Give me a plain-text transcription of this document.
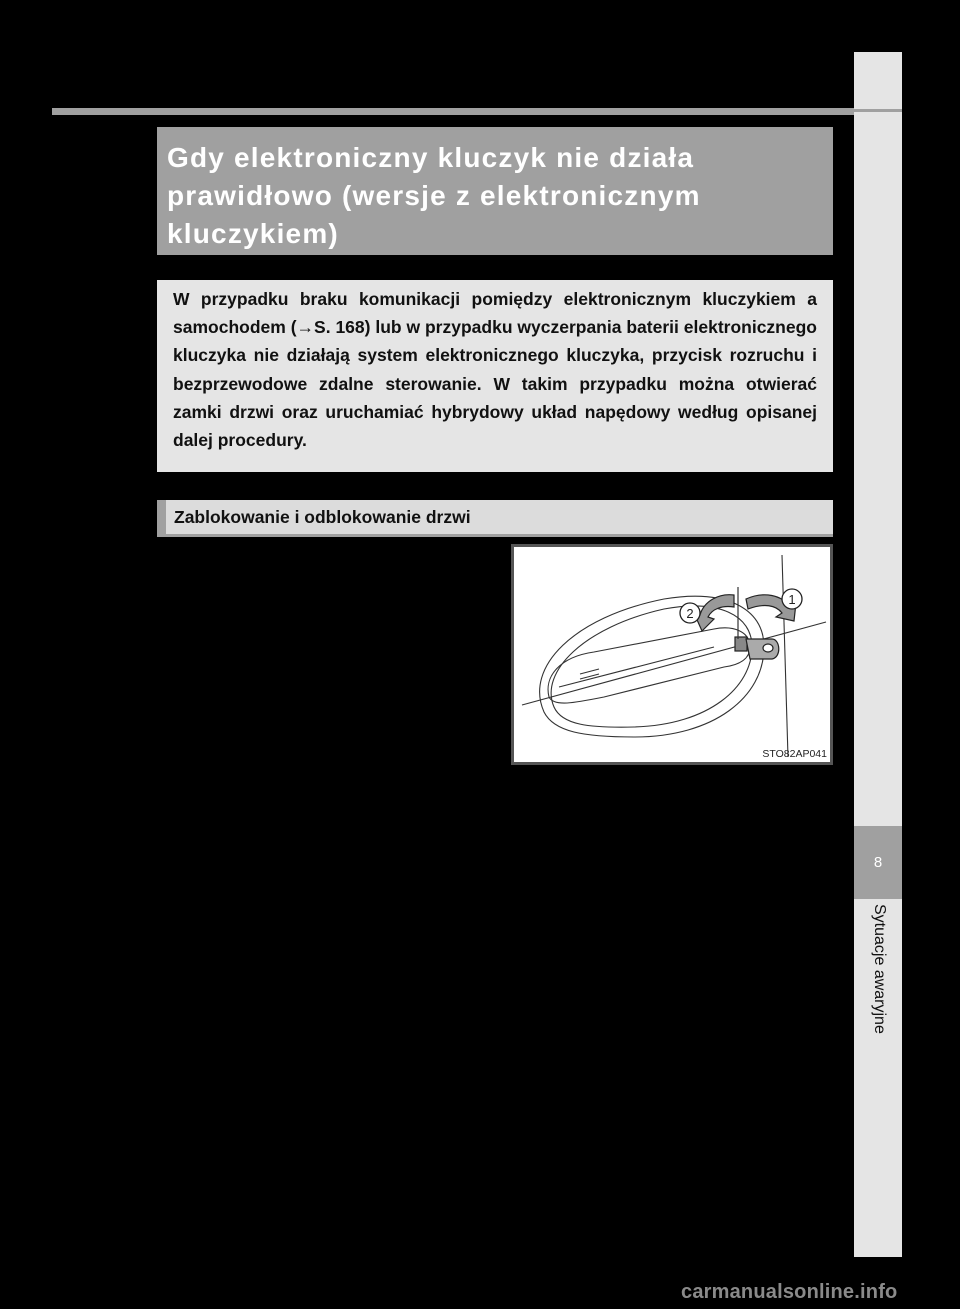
8
Sytuacje awaryjne
Gdy elektroniczny kluczyk nie działa prawidłowo (wersje z elektronicznym kluczykiem)

W przypadku braku komunikacji pomiędzy elektronicznym kluczykiem a samochodem (→S. 168) lub w przypadku wyczerpania baterii elektronicznego kluczyka nie działają system elektronicznego kluczyka, przycisk rozruchu i bezprzewodowe zdalne sterowanie. W takim przypadku można otwierać zamki drzwi oraz uruchamiać hybrydowy układ napędowy według opisanej dalej procedury.

Zablokowanie i odblokowanie drzwi
1
2
STO82AP041
carmanualsonline.info
